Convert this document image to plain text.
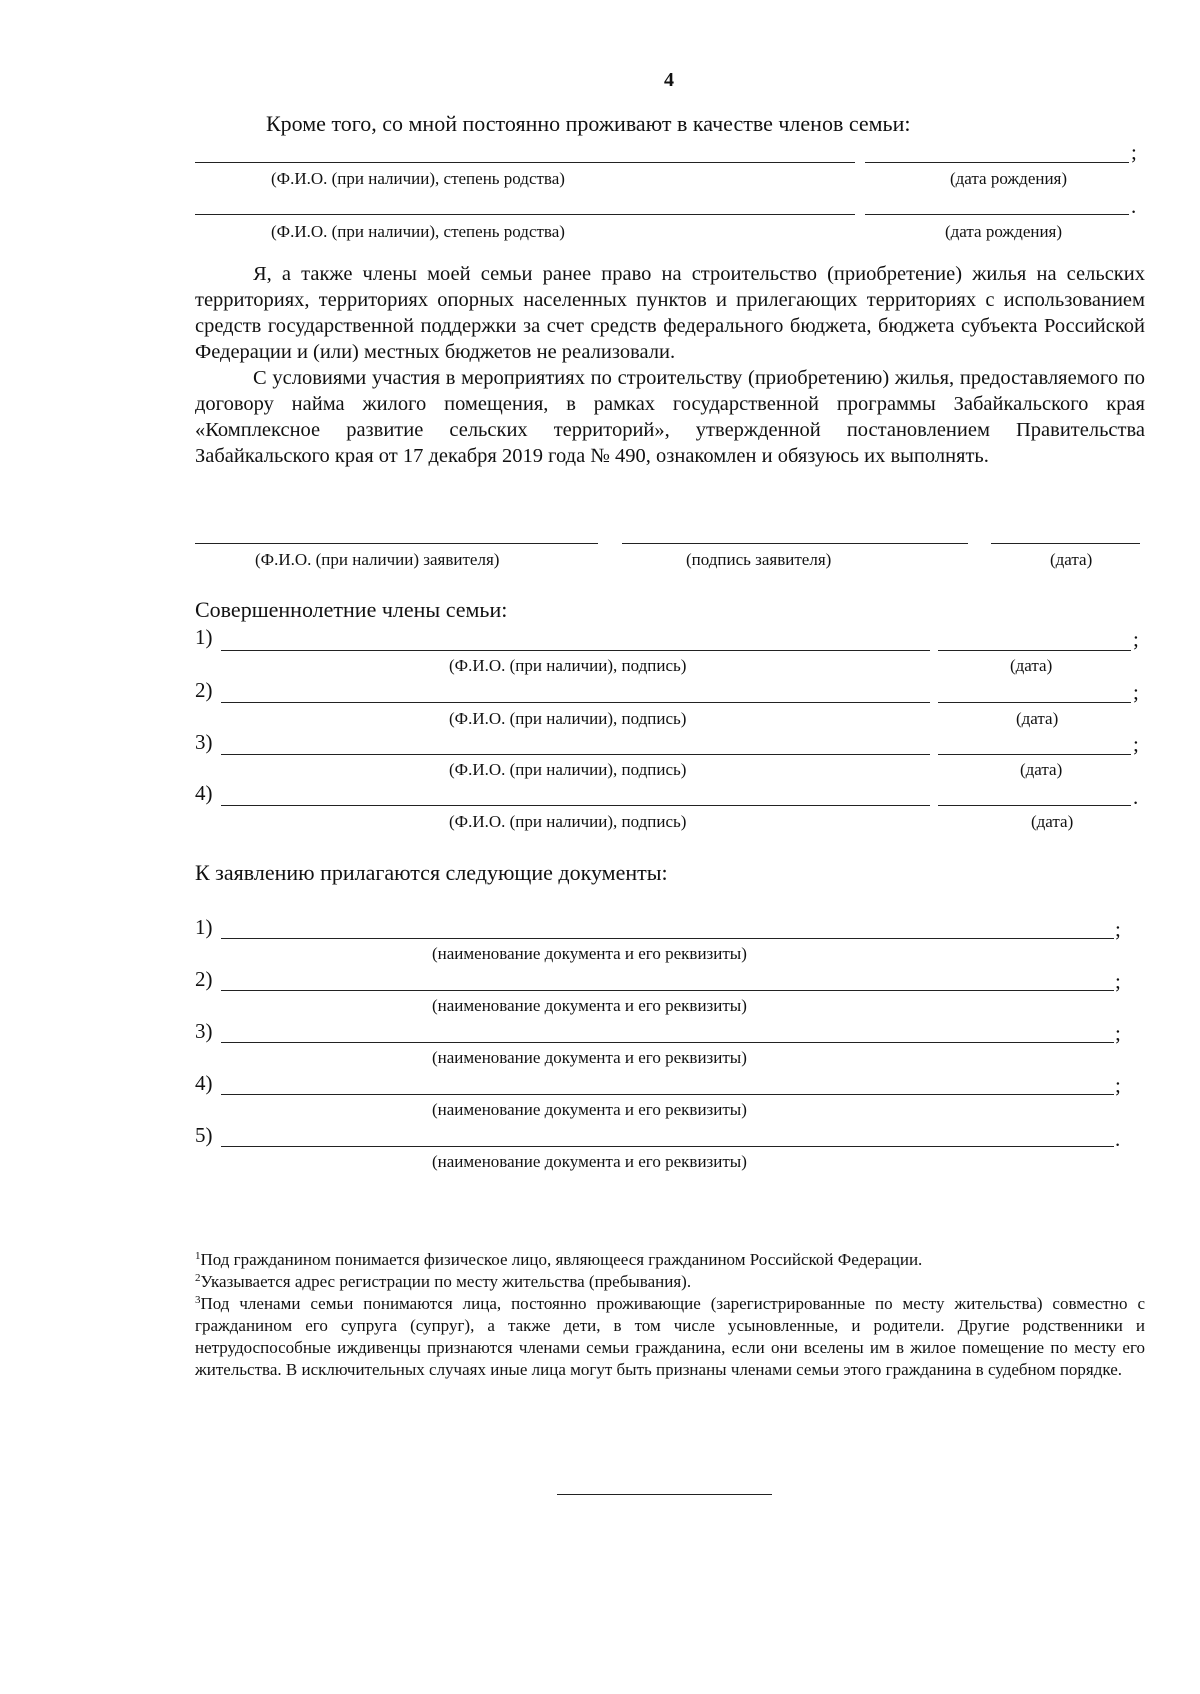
4
Кроме того, со мной постоянно проживают в качестве членов семьи:
;
(Ф.И.О. (при наличии), степень родства)	(дата рождения)
.
(Ф.И.О. (при наличии), степень родства)	(дата рождения)

Я, а также члены моей семьи ранее право на строительство (приобретение) жилья на сельских территориях, территориях опорных населенных пунктов и прилегающих территориях с использованием средств государственной поддержки за счет средств федерального бюджета, бюджета субъекта Российской Федерации и (или) местных бюджетов не реализовали.

С условиями участия в мероприятиях по строительству (приобретению) жилья, предоставляемого по договору найма жилого помещения, в рамках государственной программы Забайкальского края «Комплексное развитие сельских территорий», утвержденной постановлением Правительства Забайкальского края от 17 декабря 2019 года № 490, ознакомлен и обязуюсь их выполнять.

(Ф.И.О. (при наличии) заявителя)	(подпись заявителя)	(дата)
Совершеннолетние члены семьи:
1)	;
(Ф.И.О. (при наличии), подпись)	(дата)
2)	;
(Ф.И.О. (при наличии), подпись)	(дата)
3)	;
(Ф.И.О. (при наличии), подпись)	(дата)
4)	.
(Ф.И.О. (при наличии), подпись)	(дата)
К заявлению прилагаются следующие документы:
1)	;
(наименование документа и его реквизиты)
2)	;
(наименование документа и его реквизиты)
3)	;
(наименование документа и его реквизиты)
4)	;
(наименование документа и его реквизиты)
5)	.
(наименование документа и его реквизиты)

$^1$Под гражданином понимается физическое лицо, являющееся гражданином Российской Федерации.

$^2$Указывается адрес регистрации по месту жительства (пребывания).

$^3$Под членами семьи понимаются лица, постоянно проживающие (зарегистрированные по месту жительства) совместно с гражданином его супруга (супруг), а также дети, в том числе усыновленные, и родители. Другие родственники и нетрудоспособные иждивенцы признаются членами семьи гражданина, если они вселены им в жилое помещение по месту его жительства. В исключительных случаях иные лица могут быть признаны членами семьи этого гражданина в судебном порядке.
